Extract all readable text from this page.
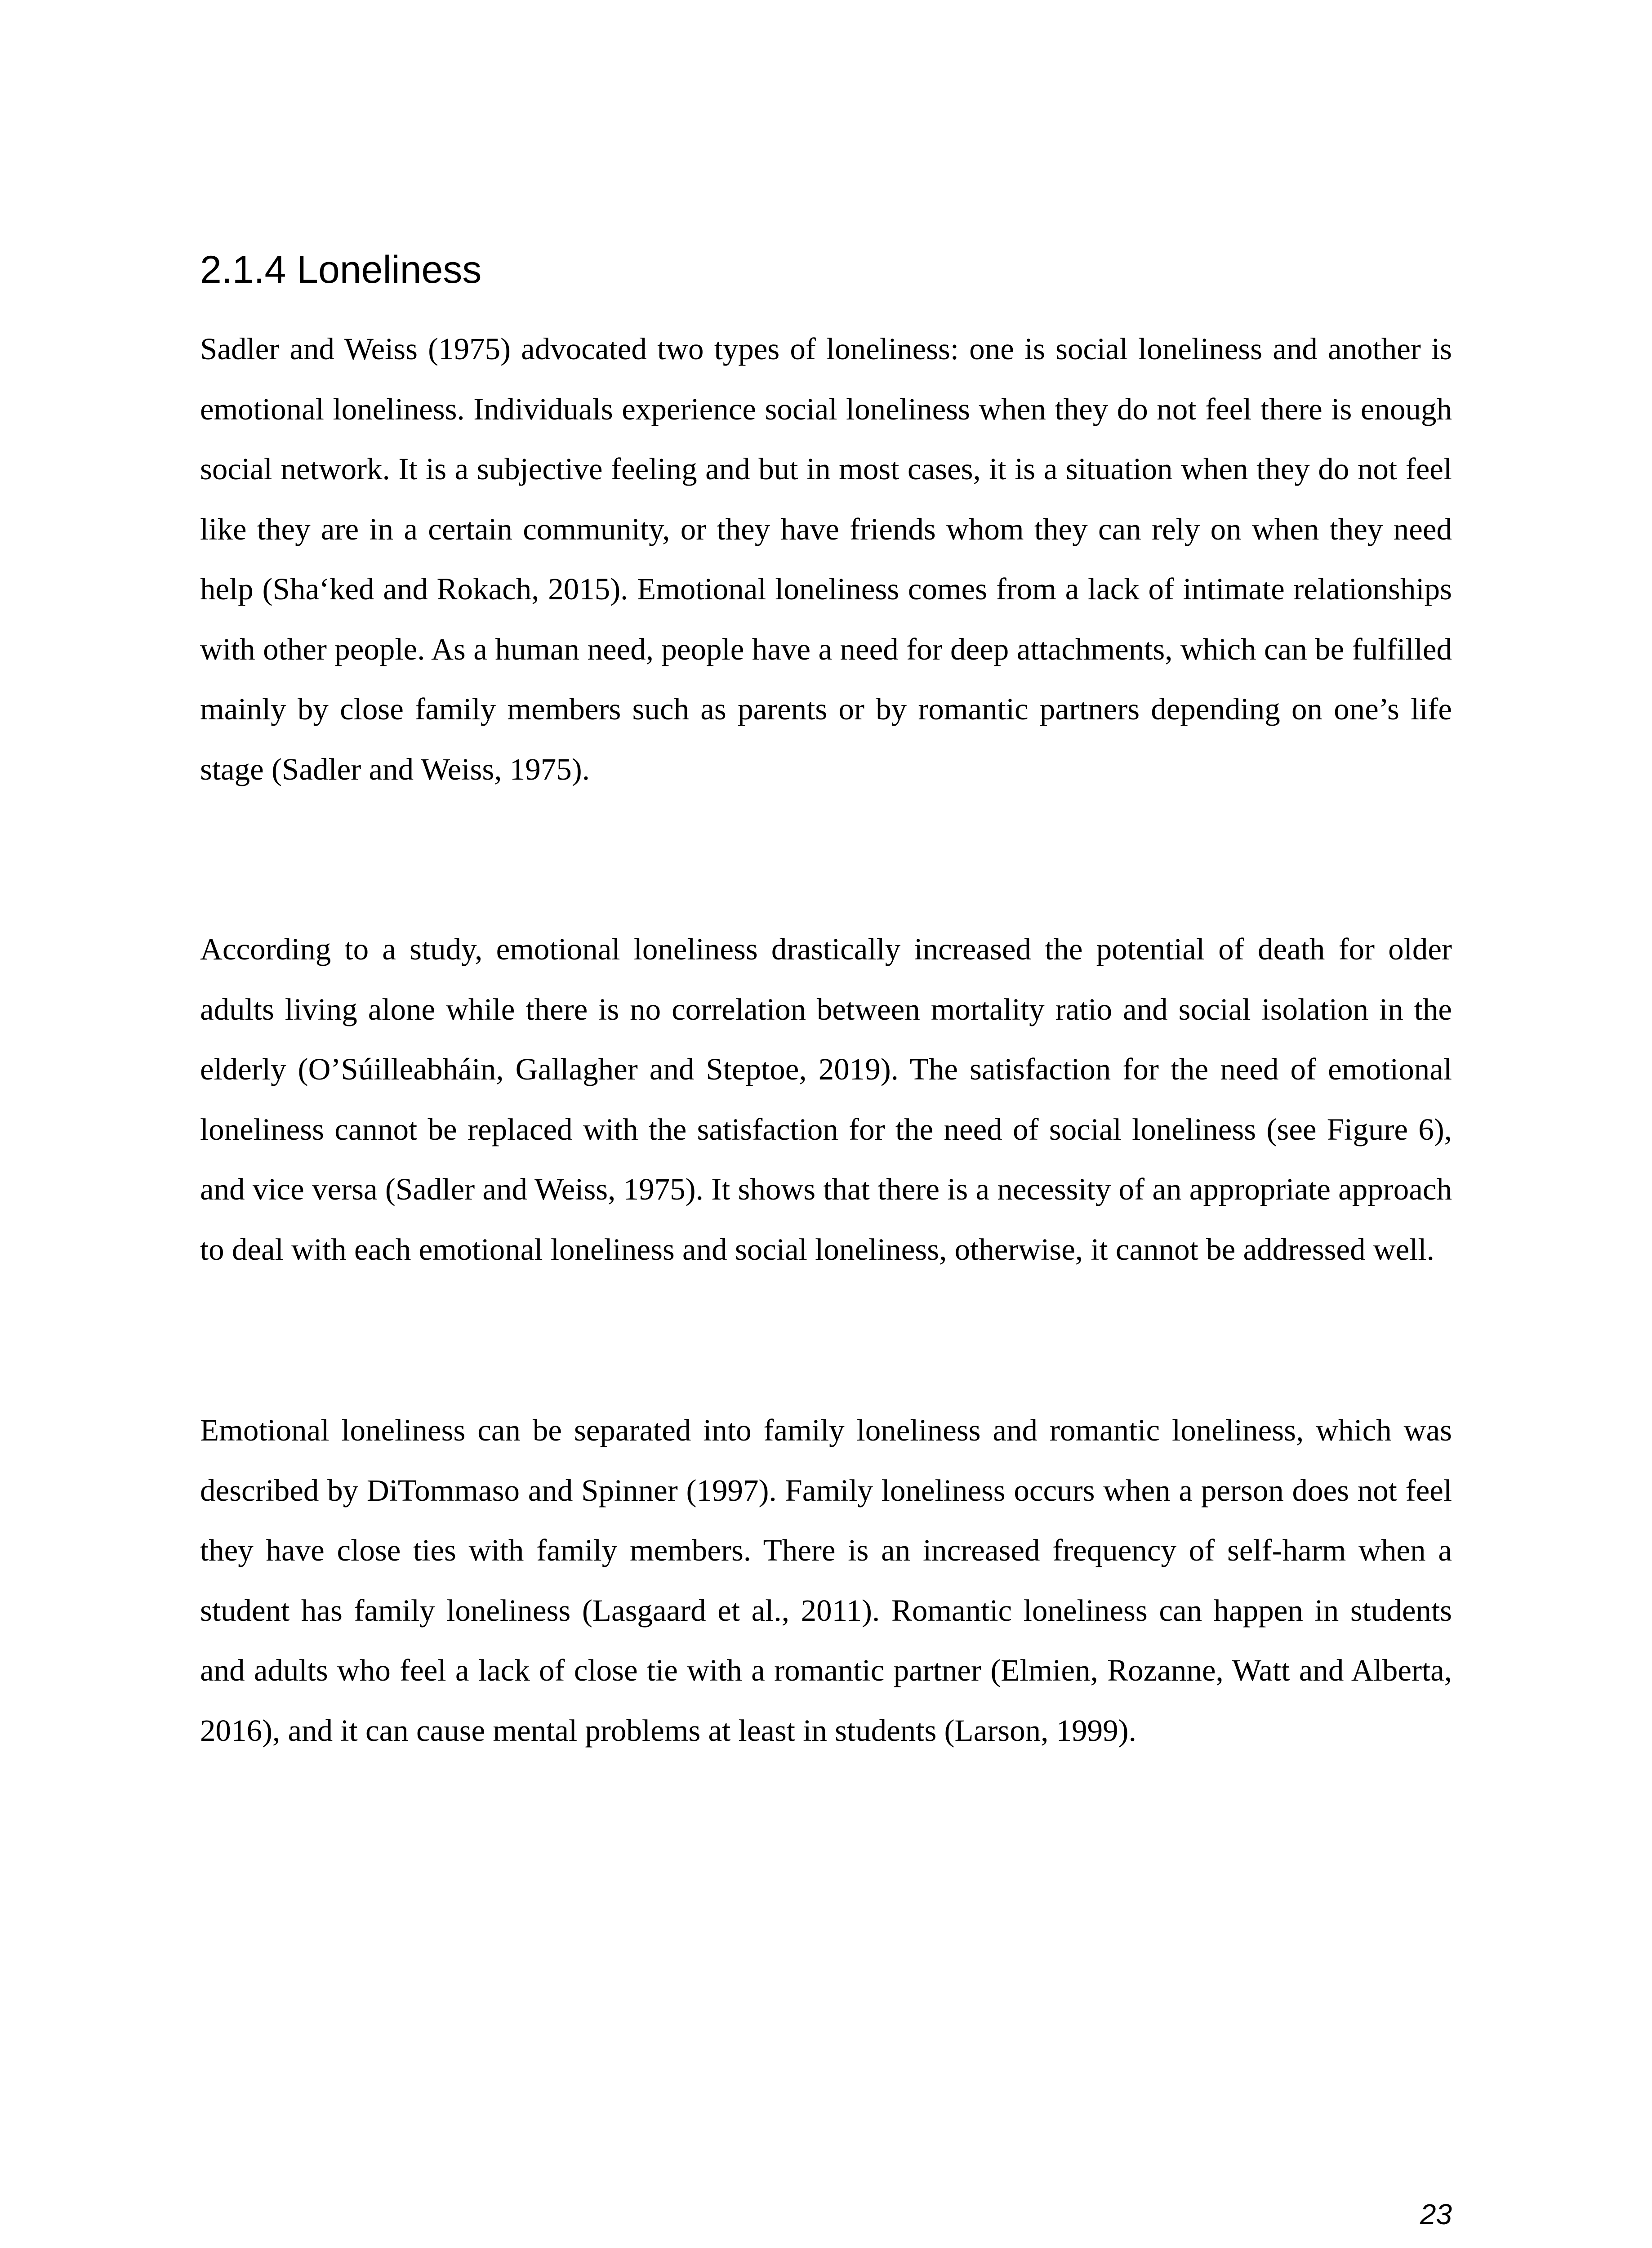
2.1.4 Loneliness

Sadler and Weiss (1975) advocated two types of loneliness: one is social loneliness and another is emotional loneliness. Individuals experience social loneliness when they do not feel there is enough social network. It is a subjective feeling and but in most cases, it is a situation when they do not feel like they are in a certain community, or they have friends whom they can rely on when they need help (Sha‘ked and Rokach, 2015). Emotional loneliness comes from a lack of intimate relationships with other people. As a human need, people have a need for deep attachments, which can be fulfilled mainly by close family members such as parents or by romantic partners depending on one’s life stage (Sadler and Weiss, 1975).

According to a study, emotional loneliness drastically increased the potential of death for older adults living alone while there is no correlation between mortality ratio and social isolation in the elderly (O’Súilleabháin, Gallagher and Steptoe, 2019). The satisfaction for the need of emotional loneliness cannot be replaced with the satisfaction for the need of social loneliness (see Figure 6), and vice versa (Sadler and Weiss, 1975). It shows that there is a necessity of an appropriate approach to deal with each emotional loneliness and social loneliness, otherwise, it cannot be addressed well.

Emotional loneliness can be separated into family loneliness and romantic loneliness, which was described by DiTommaso and Spinner (1997). Family loneliness occurs when a person does not feel they have close ties with family members. There is an increased frequency of self-harm when a student has family loneliness (Lasgaard et al., 2011). Romantic loneliness can happen in students and adults who feel a lack of close tie with a romantic partner (Elmien, Rozanne, Watt and Alberta, 2016), and it can cause mental problems at least in students (Larson, 1999).

23
